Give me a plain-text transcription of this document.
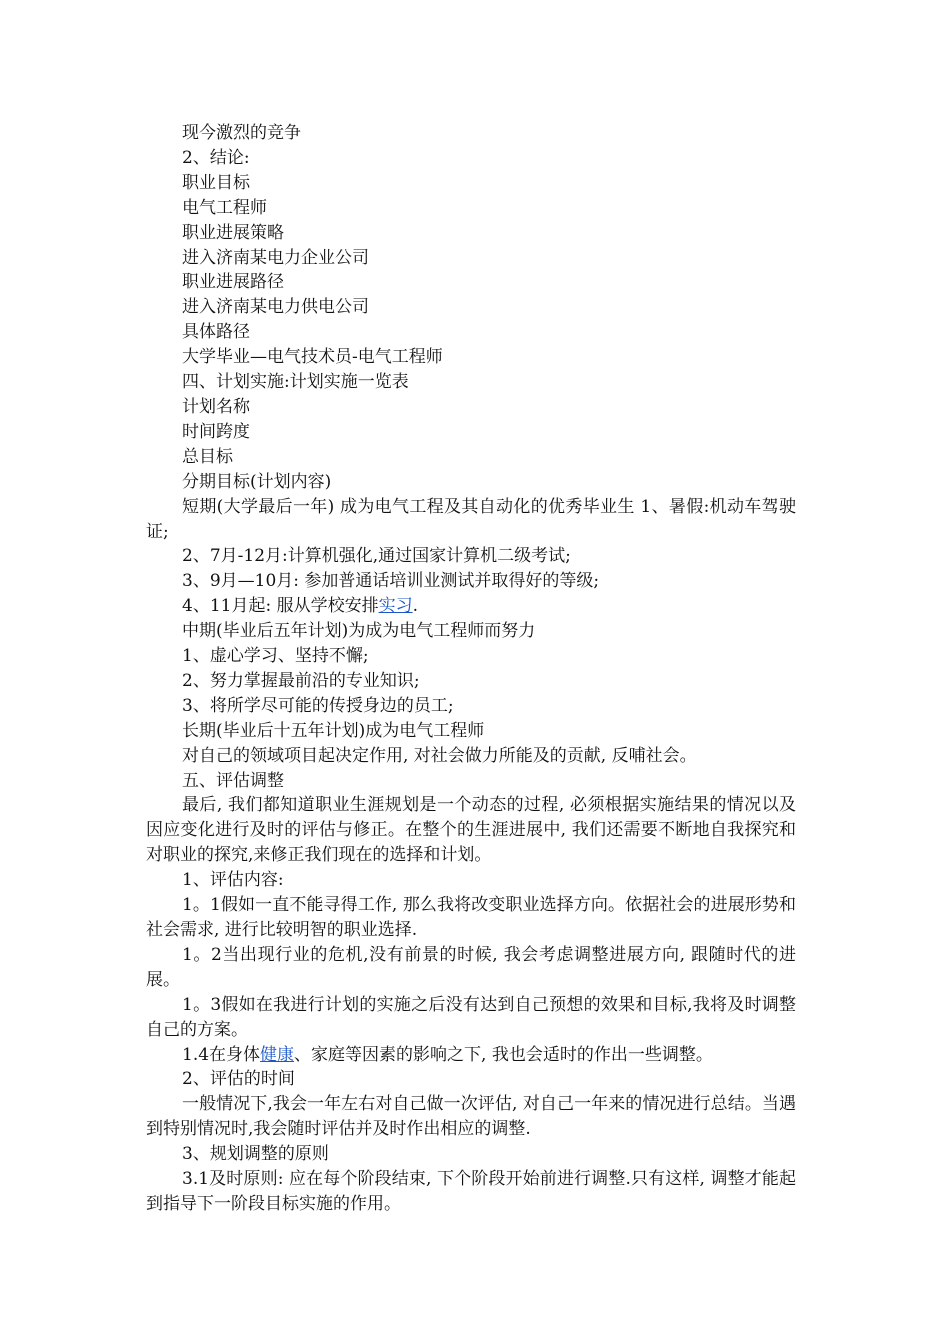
现今激烈的竞争

2、结论:

职业目标

电气工程师

职业进展策略

进入济南某电力企业公司

职业进展路径

进入济南某电力供电公司

具体路径

大学毕业—电气技术员-电气工程师

四、计划实施:计划实施一览表

计划名称

时间跨度

总目标

分期目标(计划内容)

短期(大学最后一年) 成为电气工程及其自动化的优秀毕业生 1、暑假:机动车驾驶证;

2、7月-12月:计算机强化,通过国家计算机二级考试;

3、9月—10月: 参加普通话培训业测试并取得好的等级;

4、11月起: 服从学校安排实习.

中期(毕业后五年计划)为成为电气工程师而努力

1、虚心学习、坚持不懈;

2、努力掌握最前沿的专业知识;

3、将所学尽可能的传授身边的员工;

长期(毕业后十五年计划)成为电气工程师

对自己的领域项目起决定作用, 对社会做力所能及的贡献, 反哺社会。

五、评估调整

最后, 我们都知道职业生涯规划是一个动态的过程, 必须根据实施结果的情况以及因应变化进行及时的评估与修正。在整个的生涯进展中, 我们还需要不断地自我探究和对职业的探究,来修正我们现在的选择和计划。

1、评估内容:

1。1假如一直不能寻得工作, 那么我将改变职业选择方向。依据社会的进展形势和社会需求, 进行比较明智的职业选择.

1。2当出现行业的危机,没有前景的时候, 我会考虑调整进展方向, 跟随时代的进展。

1。3假如在我进行计划的实施之后没有达到自己预想的效果和目标,我将及时调整自己的方案。

1.4在身体健康、家庭等因素的影响之下, 我也会适时的作出一些调整。

2、评估的时间

一般情况下,我会一年左右对自己做一次评估, 对自己一年来的情况进行总结。当遇到特别情况时,我会随时评估并及时作出相应的调整.

3、规划调整的原则

3.1及时原则: 应在每个阶段结束, 下个阶段开始前进行调整.只有这样, 调整才能起到指导下一阶段目标实施的作用。
